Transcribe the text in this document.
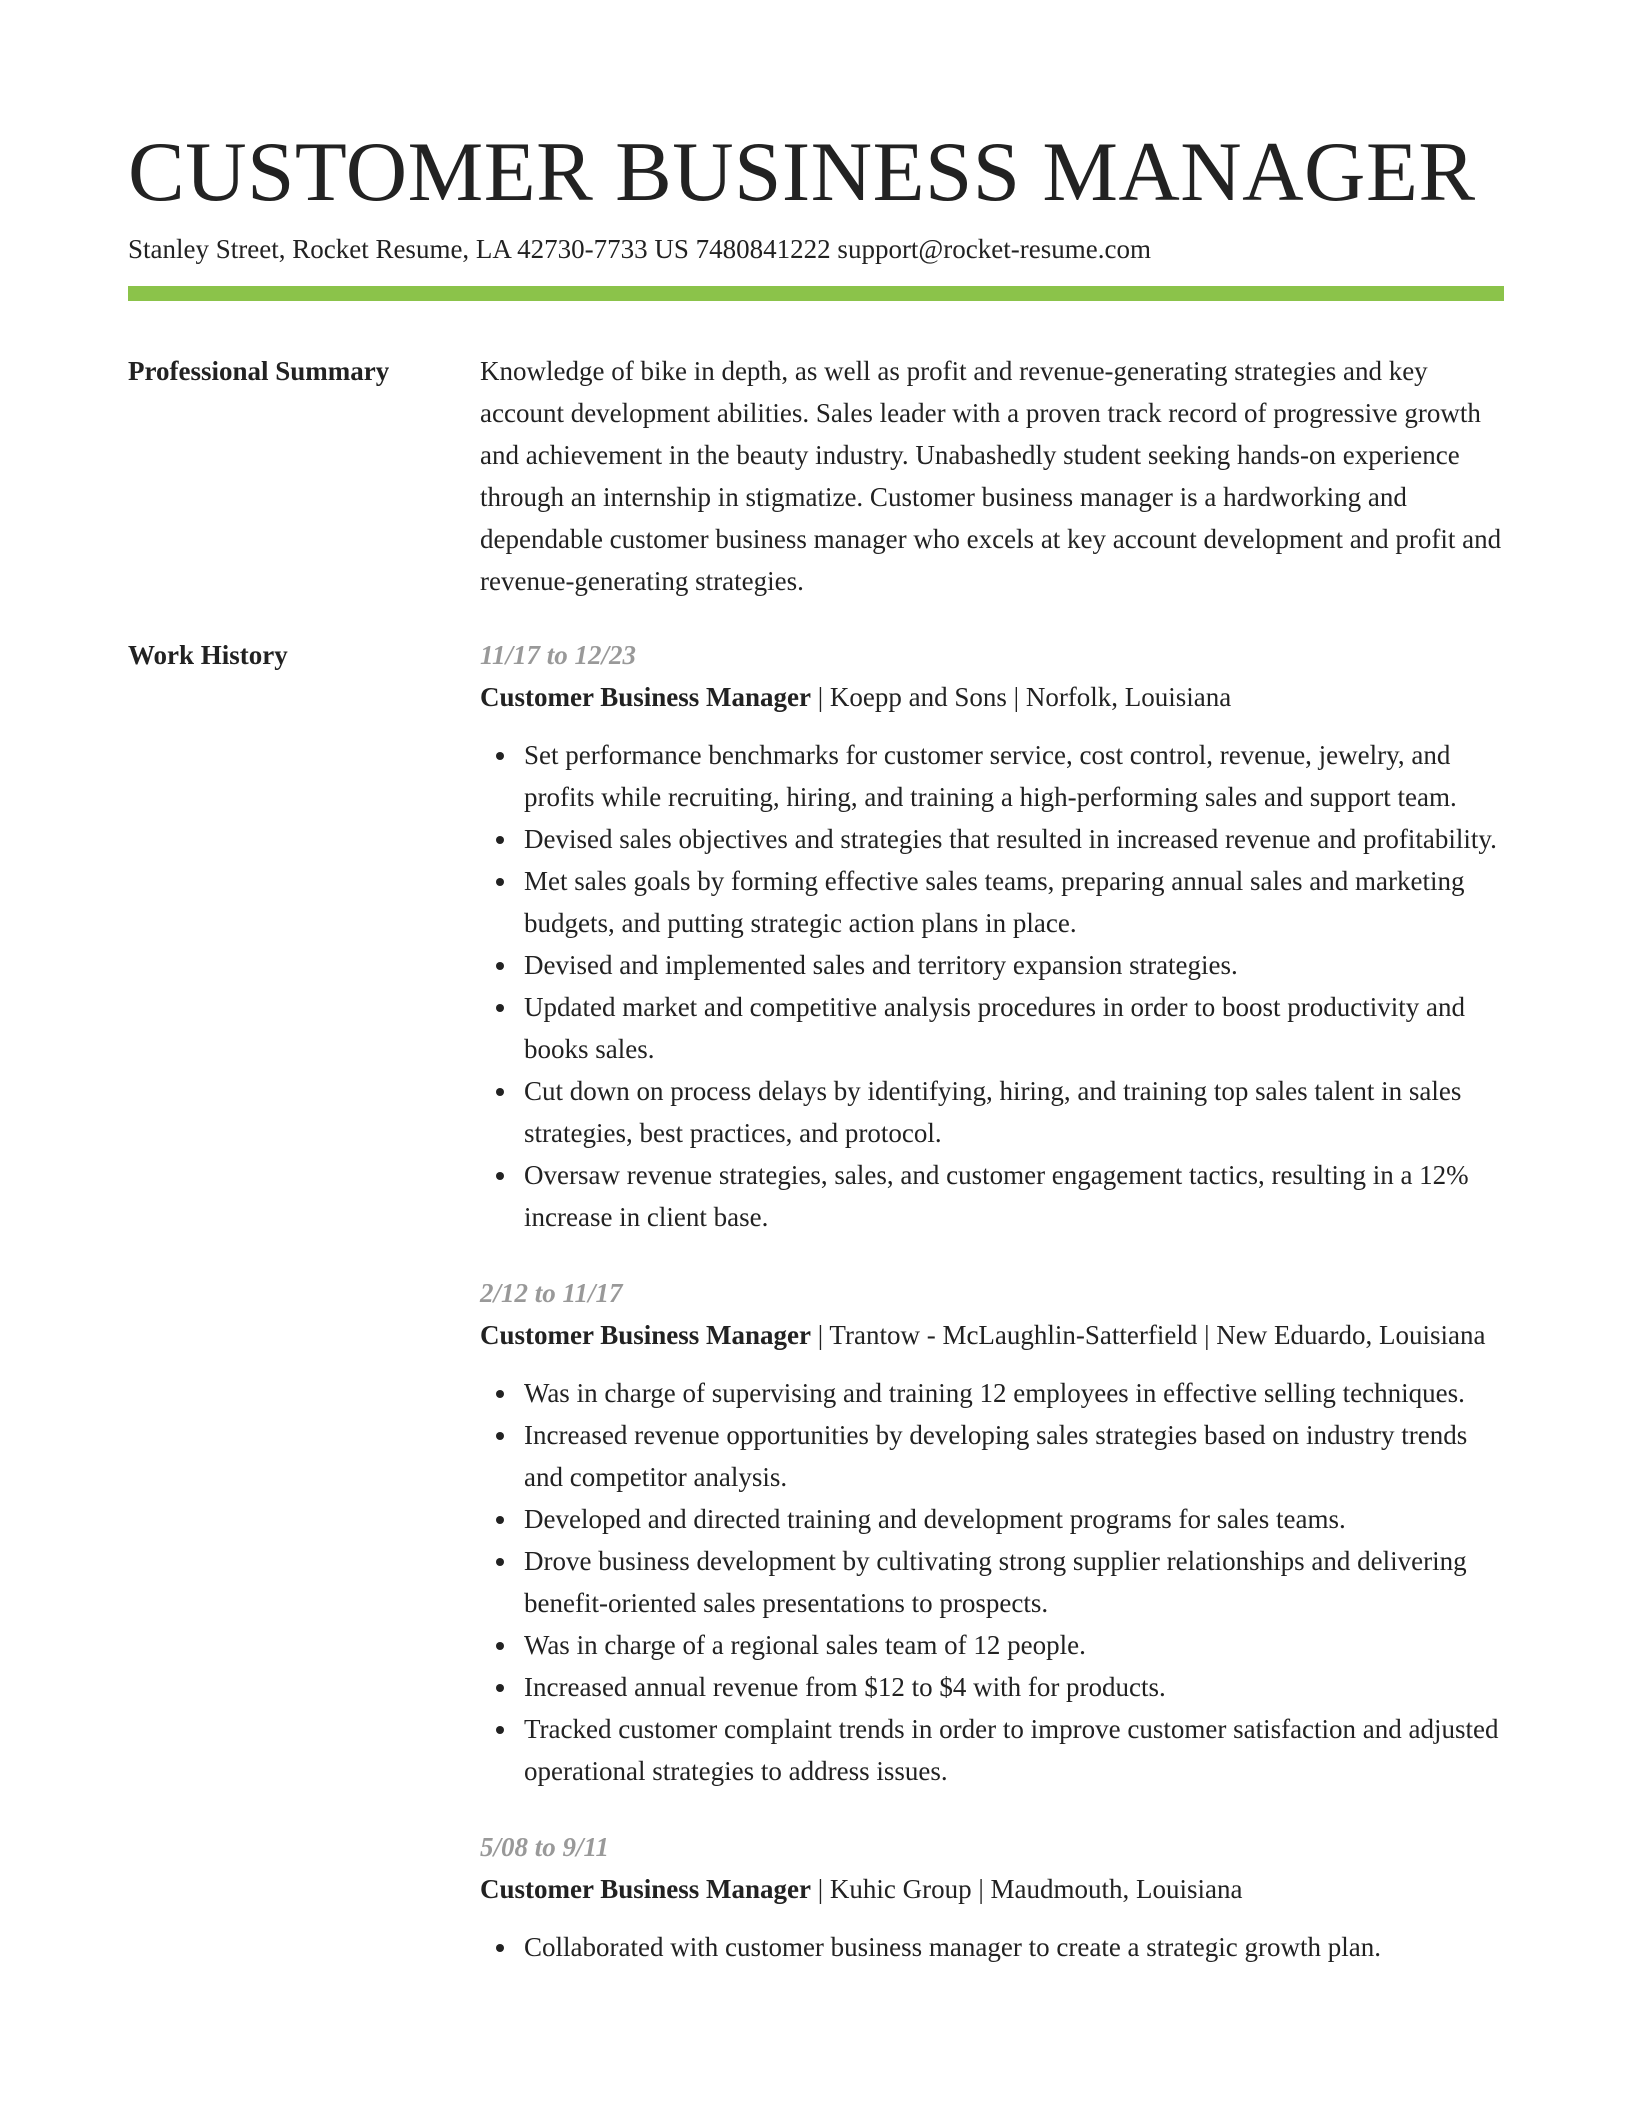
CUSTOMER BUSINESS MANAGER
Stanley Street, Rocket Resume, LA 42730-7733 US 7480841222 support@rocket-resume.com
Professional Summary	Knowledge of bike in depth, as well as profit and revenue-generating strategies and key account development abilities. Sales leader with a proven track record of progressive growth and achievement in the beauty industry. Unabashedly student seeking hands-on experience through an internship in stigmatize. Customer business manager is a hardworking and dependable customer business manager who excels at key account development and profit and revenue-generating strategies.

Work History	11/17 to 12/23
Customer Business Manager | Koepp and Sons | Norfolk, Louisiana
Set performance benchmarks for customer service, cost control, revenue, jewelry, and profits while recruiting, hiring, and training a high-performing sales and support team.
Devised sales objectives and strategies that resulted in increased revenue and profitability.
Met sales goals by forming effective sales teams, preparing annual sales and marketing budgets, and putting strategic action plans in place.
Devised and implemented sales and territory expansion strategies.
Updated market and competitive analysis procedures in order to boost productivity and books sales.
Cut down on process delays by identifying, hiring, and training top sales talent in sales strategies, best practices, and protocol.
Oversaw revenue strategies, sales, and customer engagement tactics, resulting in a 12% increase in client base.
2/12 to 11/17
Customer Business Manager | Trantow - McLaughlin-Satterfield | New Eduardo, Louisiana
Was in charge of supervising and training 12 employees in effective selling techniques.
Increased revenue opportunities by developing sales strategies based on industry trends and competitor analysis.
Developed and directed training and development programs for sales teams.
Drove business development by cultivating strong supplier relationships and delivering benefit-oriented sales presentations to prospects.
Was in charge of a regional sales team of 12 people.
Increased annual revenue from $12 to $4 with for products.
Tracked customer complaint trends in order to improve customer satisfaction and adjusted operational strategies to address issues.
5/08 to 9/11
Customer Business Manager | Kuhic Group | Maudmouth, Louisiana
Collaborated with customer business manager to create a strategic growth plan.
